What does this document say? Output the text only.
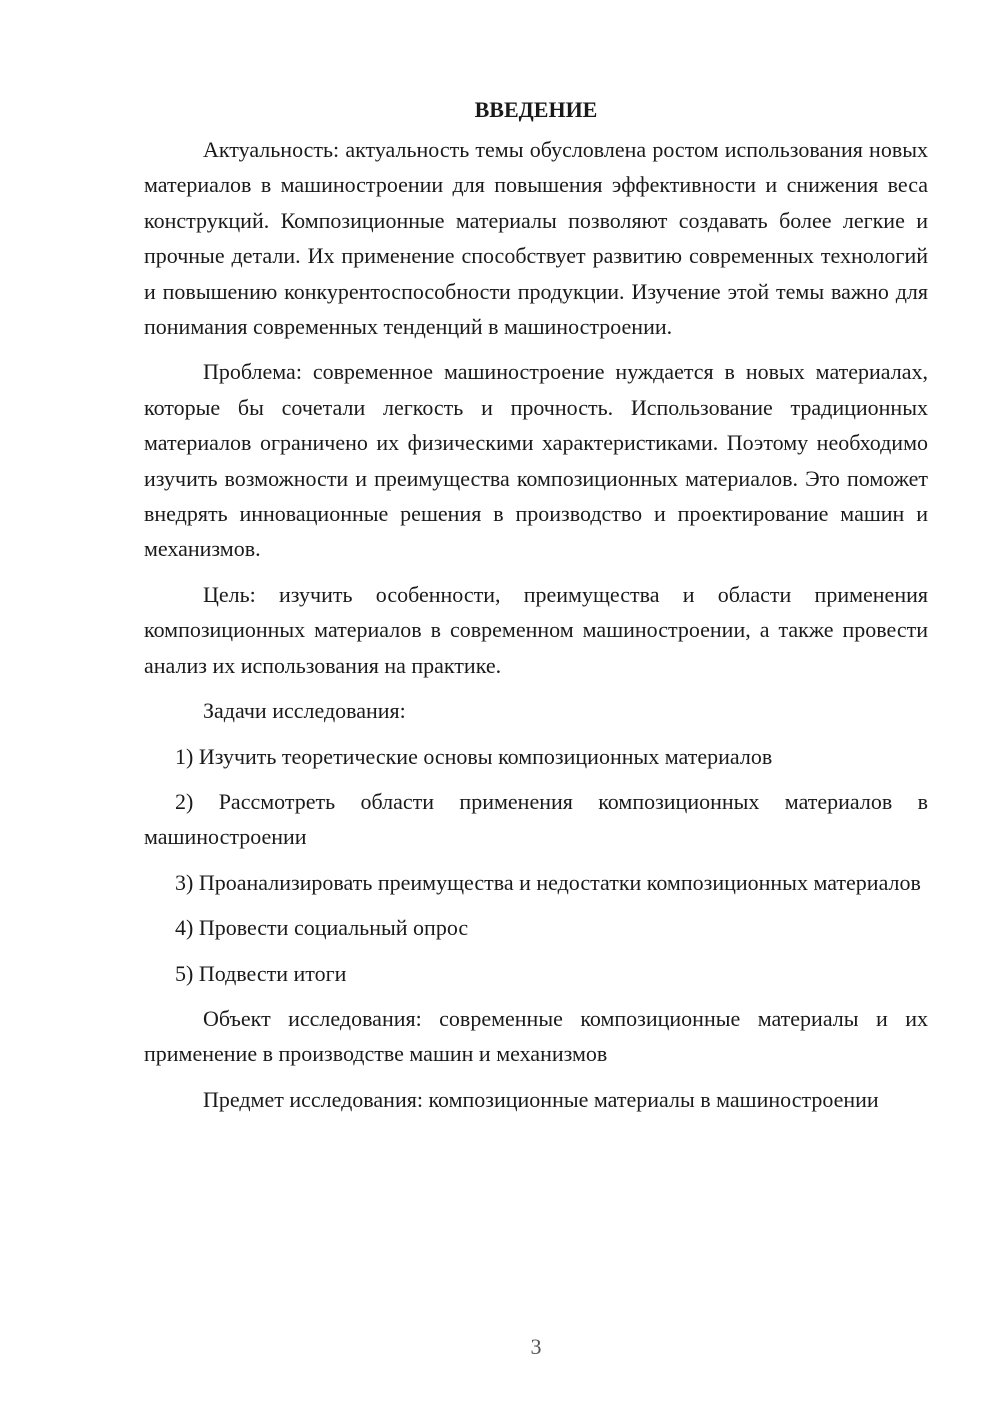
ВВЕДЕНИЕ

Актуальность: актуальность темы обусловлена ростом использования новых материалов в машиностроении для повышения эффективности и снижения веса конструкций. Композиционные материалы позволяют создавать более легкие и прочные детали. Их применение способствует развитию современных технологий и повышению конкурентоспособности продукции. Изучение этой темы важно для понимания современных тенденций в машиностроении.

Проблема: современное машиностроение нуждается в новых материалах, которые бы сочетали легкость и прочность. Использование традиционных материалов ограничено их физическими характеристиками. Поэтому необходимо изучить возможности и преимущества композиционных материалов. Это поможет внедрять инновационные решения в производство и проектирование машин и механизмов.

Цель: изучить особенности, преимущества и области применения композиционных материалов в современном машиностроении, а также провести анализ их использования на практике.

Задачи исследования:

1) Изучить теоретические основы композиционных материалов

2) Рассмотреть области применения композиционных материалов в машиностроении

3) Проанализировать преимущества и недостатки композиционных материалов

4) Провести социальный опрос

5) Подвести итоги

Объект исследования: современные композиционные материалы и их применение в производстве машин и механизмов

Предмет исследования: композиционные материалы в машиностроении

3
